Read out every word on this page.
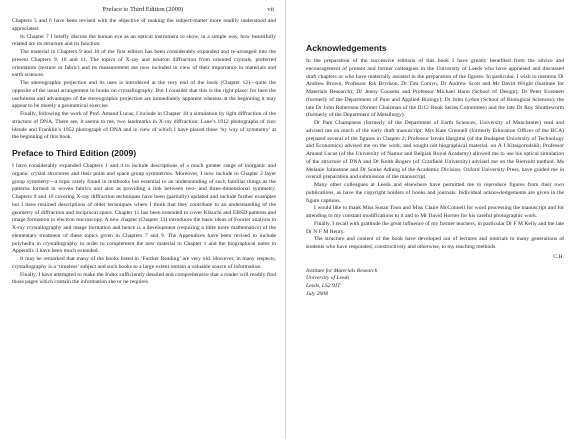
Preface to Third Edition (2009)	vii

Chapters 5 and 6 have been revised with the objective of making the subject-matter more readily understood and appreciated.

In Chapter 7 I briefly discuss the human eye as an optical instrument to show, in a simple way, how beautifully related are its structure and its function.

The material in Chapters 9 and 10 of the first edition has been considerably expanded and re-arranged into the present Chapters 9, 10 and 11. The topics of X-ray and neutron diffraction from oriented crystals, preferred orientation (texture or fabric) and its measurement are now included in view of their importance in materials and earth sciences.

The stereographic projection and its uses is introduced at the very end of the book (Chapter 12)—quite the opposite of the usual arrangement in books on crystallography. But I consider that this is the right place: for here the usefulness and advantages of the stereographic projection are immediately apparent whereas at the beginning it may appear to be merely a geometrical exercise.

Finally, following the work of Prof. Amand Lucas, I include in Chapter 10 a simulation by light diffraction of the structure of DNA. There are, it seems to me, two landmarks in X-ray diffraction: Laue’s 1912 photographs of zinc blende and Franklin’s 1952 photograph of DNA and in view of which I have placed these ‘by way of symmetry’ at the beginning of this book.

Preface to Third Edition (2009)

I have considerably expanded Chapters 1 and 4 to include descriptions of a much greater range of inorganic and organic crystal structures and their point and space group symmetries. Moreover, I now include in Chapter 2 layer group symmetry—a topic rarely found in textbooks but essential to an understanding of such familiar things as the patterns formed in woven fabrics and also as providing a link between two- and three-dimensional symmetry. Chapters 9 and 10 covering X-ray diffraction techniques have been (partially) updated and include further examples but I have retained descriptions of older techniques where I think that they contribute to an understanding of the geometry of diffraction and reciprocal space. Chapter 11 has been extended to cover Kikuchi and EBSD patterns and image formation in electron microscopy. A new chapter (Chapter 13) introduces the basic ideas of Fourier analysis in X-ray crystallography and image formation and hence is a development (requiring a little more mathematics) of the elementary treatment of these topics given in Chapters 7 and 9. The Appendices have been revised to include polyhedra in crystallography in order to complement the new material in Chapter 1 and the biographical notes in Appendix 3 have been much extended.

It may be remarked that many of the books listed in ‘Further Reading’ are very old. However, in many respects, crystallography is a ‘timeless’ subject and such books to a large extent remain a valuable source of information.

Finally, I have attempted to make the Index sufficiently detailed and comprehensive that a reader will readily find those pages which contain the information she or he requires.

Acknowledgements

In the preparation of the successive editions of this book I have greatly benefited from the advice and encouragement of present and former colleagues in the University of Leeds who have appraised and discussed draft chapters or who have materially assisted in the preparation of the figures. In particular, I wish to mention Dr Andrew Brown, Professor Rik Brydson, Dr Tim Comyn, Dr Andrew Scott and Mr David Wright (Institute for Materials Research); Dr Jenny Cousens and Professor Michael Hann (School of Design); Dr Peter Evennett (formerly of the Department of Pure and Applied Biology); Dr John Lydon (School of Biological Sciences); the late Dr John Robertson (former Chairman of the IUCr Book Series Committee) and the late Dr Roy Shuttleworth (formerly of the Department of Metallurgy).

Dr Pam Champness (formerly of the Department of Earth Sciences, University of Manchester) read and advised me on much of the early draft manuscript; Mrs Kate Crennell (formerly Education Officer of the BCA) prepared several of the figures in Chapter 2; Professor István Hargittai (of the Budapest University of Technology and Economics) advised me on the work, and sought out biographical material, on A I Kitaigorodskii; Professor Amand Lucas (of the University of Namur and Belgian Royal Academy) allowed me to use his optical simulation of the structure of DNA and Dr Keith Rogers (of Cranfield University) advised me on the Rietveld method. Ms Melanie Johnstone and Dr Sonke Adlung of the Academic Division, Oxford University Press, have guided me in overall preparation and submission of the manuscript.

Many other colleagues at Leeds and elsewhere have permitted me to reproduce figures from their own publications, as have the copyright holders of books and journals. Individual acknowledgements are given in the figure captions.

I would like to thank Miss Susan Toon and Miss Claire McConnell for word processing the manuscript and for attending to my constant modifications to it and to Mr David Horner for his careful photographic work.

Finally, I recall with gratitude the great influence of my former teachers, in particular Dr F M Kelly and the late Dr N F M Henry.

The structure and content of the book have developed out of lectures and tutorials to many generations of students who have responded, constructively and otherwise, to my teaching methods.

C.H.
Institute for Materials Research
University of Leeds
Leeds, LS2 9JT
July 2008
